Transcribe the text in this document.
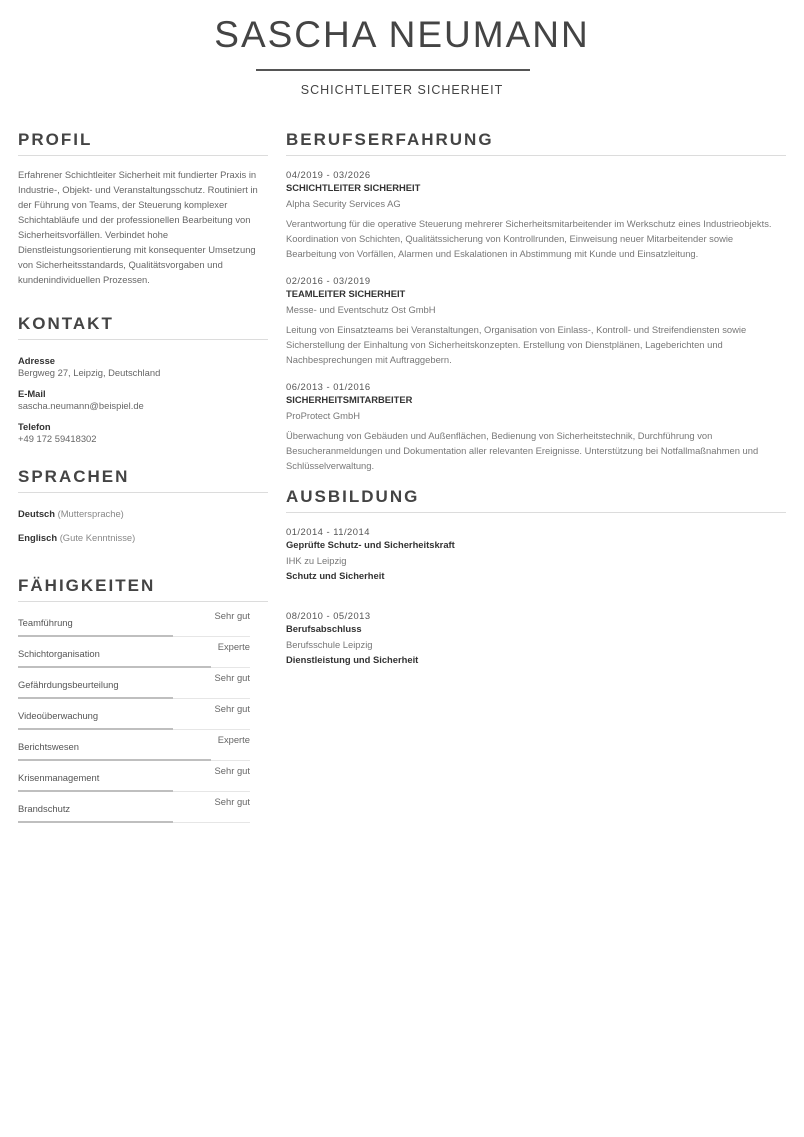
SASCHA NEUMANN
SCHICHTLEITER SICHERHEIT
PROFIL
Erfahrener Schichtleiter Sicherheit mit fundierter Praxis in Industrie-, Objekt- und Veranstaltungsschutz. Routiniert in der Führung von Teams, der Steuerung komplexer Schichtabläufe und der professionellen Bearbeitung von Sicherheitsvorfällen. Verbindet hohe Dienstleistungsorientierung mit konsequenter Umsetzung von Sicherheitsstandards, Qualitätsvorgaben und kundenindividuellen Prozessen.
KONTAKT
Adresse
Bergweg 27, Leipzig, Deutschland
E-Mail
sascha.neumann@beispiel.de
Telefon
+49 172 59418302
SPRACHEN
Deutsch (Muttersprache)
Englisch (Gute Kenntnisse)
FÄHIGKEITEN
Teamführung
Sehr gut
Schichtorganisation
Experte
Gefährdungsbeurteilung
Sehr gut
Videoüberwachung
Sehr gut
Berichtswesen
Experte
Krisenmanagement
Sehr gut
Brandschutz
Sehr gut
BERUFSERFAHRUNG
04/2019 - 03/2026
SCHICHTLEITER SICHERHEIT
Alpha Security Services AG
Verantwortung für die operative Steuerung mehrerer Sicherheitsmitarbeitender im Werkschutz eines Industrieobjekts. Koordination von Schichten, Qualitätssicherung von Kontrollrunden, Einweisung neuer Mitarbeitender sowie Bearbeitung von Vorfällen, Alarmen und Eskalationen in Abstimmung mit Kunde und Einsatzleitung.
02/2016 - 03/2019
TEAMLEITER SICHERHEIT
Messe- und Eventschutz Ost GmbH
Leitung von Einsatzteams bei Veranstaltungen, Organisation von Einlass-, Kontroll- und Streifendiensten sowie Sicherstellung der Einhaltung von Sicherheitskonzepten. Erstellung von Dienstplänen, Lageberichten und Nachbesprechungen mit Auftraggebern.
06/2013 - 01/2016
SICHERHEITSMITARBEITER
ProProtect GmbH
Überwachung von Gebäuden und Außenflächen, Bedienung von Sicherheitstechnik, Durchführung von Besucheranmeldungen und Dokumentation aller relevanten Ereignisse. Unterstützung bei Notfallmaßnahmen und Schlüsselverwaltung.
AUSBILDUNG
01/2014 - 11/2014
Geprüfte Schutz- und Sicherheitskraft
IHK zu Leipzig
Schutz und Sicherheit
08/2010 - 05/2013
Berufsabschluss
Berufsschule Leipzig
Dienstleistung und Sicherheit
